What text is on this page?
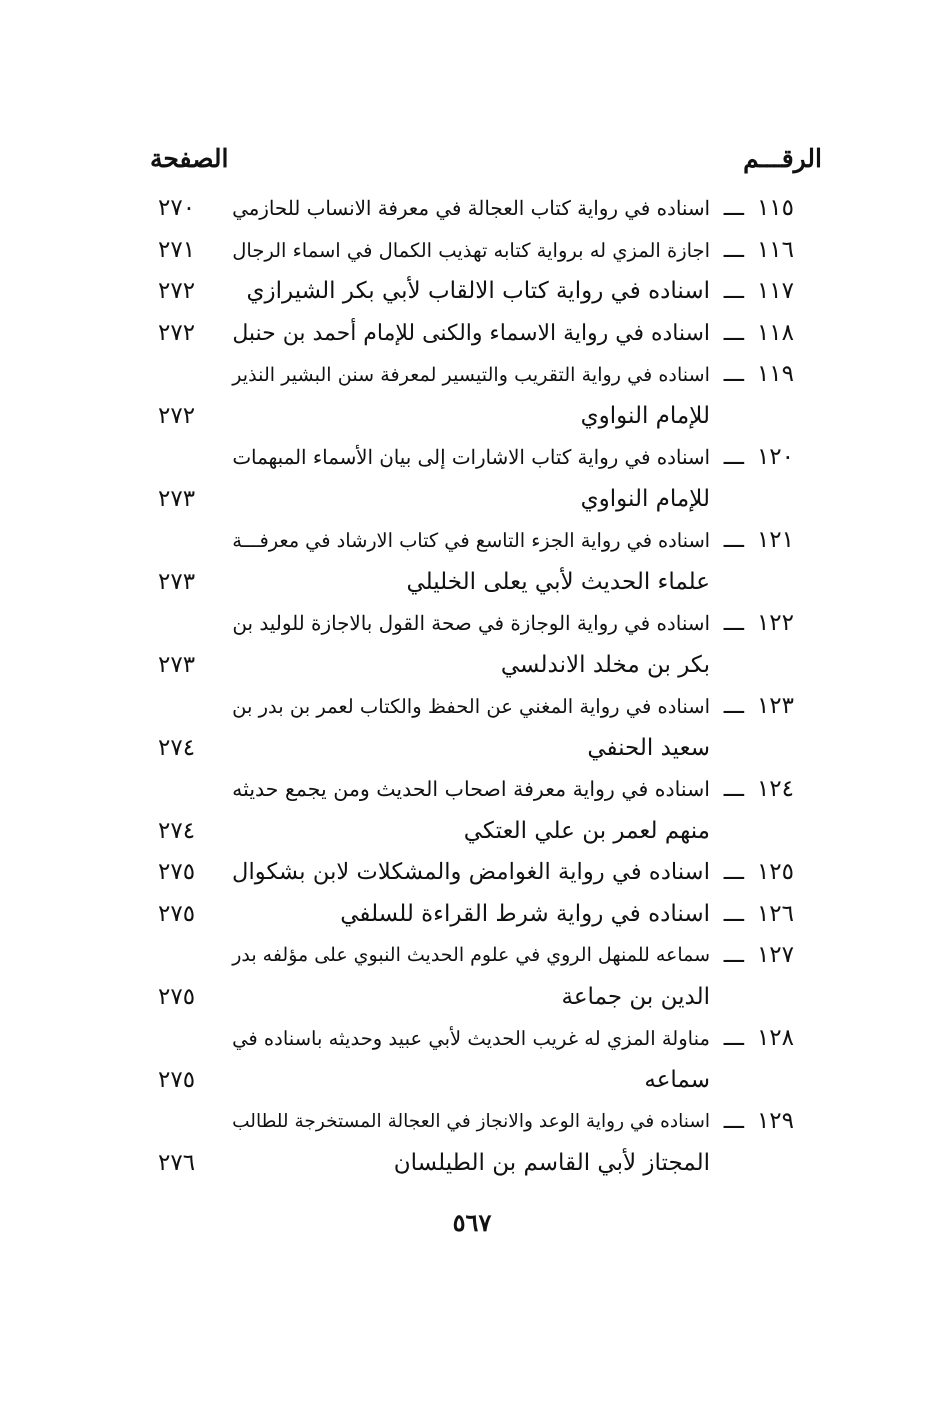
الرقـــم
الصفحة
١١٥
ـــ
اسناده في رواية كتاب العجالة في معرفة الانساب للحازمي
٢٧٠
١١٦
ـــ
اجازة المزي له برواية كتابه تهذيب الكمال في اسماء الرجال
٢٧١
١١٧
ـــ
اسناده في رواية كتاب الالقاب لأبي بكر الشيرازي
٢٧٢
١١٨
ـــ
اسناده في رواية الاسماء والكنى للإمام أحمد بن حنبل
٢٧٢
١١٩
ـــ
اسناده في رواية التقريب والتيسير لمعرفة سنن البشير النذير
للإمام النواوي
٢٧٢
١٢٠
ـــ
اسناده في رواية كتاب الاشارات إلى بيان الأسماء المبهمات
للإمام النواوي
٢٧٣
١٢١
ـــ
اسناده في رواية الجزء التاسع في كتاب الارشاد في معرفـــة
علماء الحديث لأبي يعلى الخليلي
٢٧٣
١٢٢
ـــ
اسناده في رواية الوجازة في صحة القول بالاجازة للوليد بن
بكر بن مخلد الاندلسي
٢٧٣
١٢٣
ـــ
اسناده في رواية المغني عن الحفظ والكتاب لعمر بن بدر بن
سعيد الحنفي
٢٧٤
١٢٤
ـــ
اسناده في رواية معرفة اصحاب الحديث ومن يجمع حديثه
منهم لعمر بن علي العتكي
٢٧٤
١٢٥
ـــ
اسناده في رواية الغوامض والمشكلات لابن بشكوال
٢٧٥
١٢٦
ـــ
اسناده في رواية شرط القراءة للسلفي
٢٧٥
١٢٧
ـــ
سماعه للمنهل الروي في علوم الحديث النبوي على مؤلفه بدر
الدين بن جماعة
٢٧٥
١٢٨
ـــ
مناولة المزي له غريب الحديث لأبي عبيد وحديثه باسناده في
سماعه
٢٧٥
١٢٩
ـــ
اسناده في رواية الوعد والانجاز في العجالة المستخرجة للطالب
المجتاز لأبي القاسم بن الطيلسان
٢٧٦
٥٦٧
